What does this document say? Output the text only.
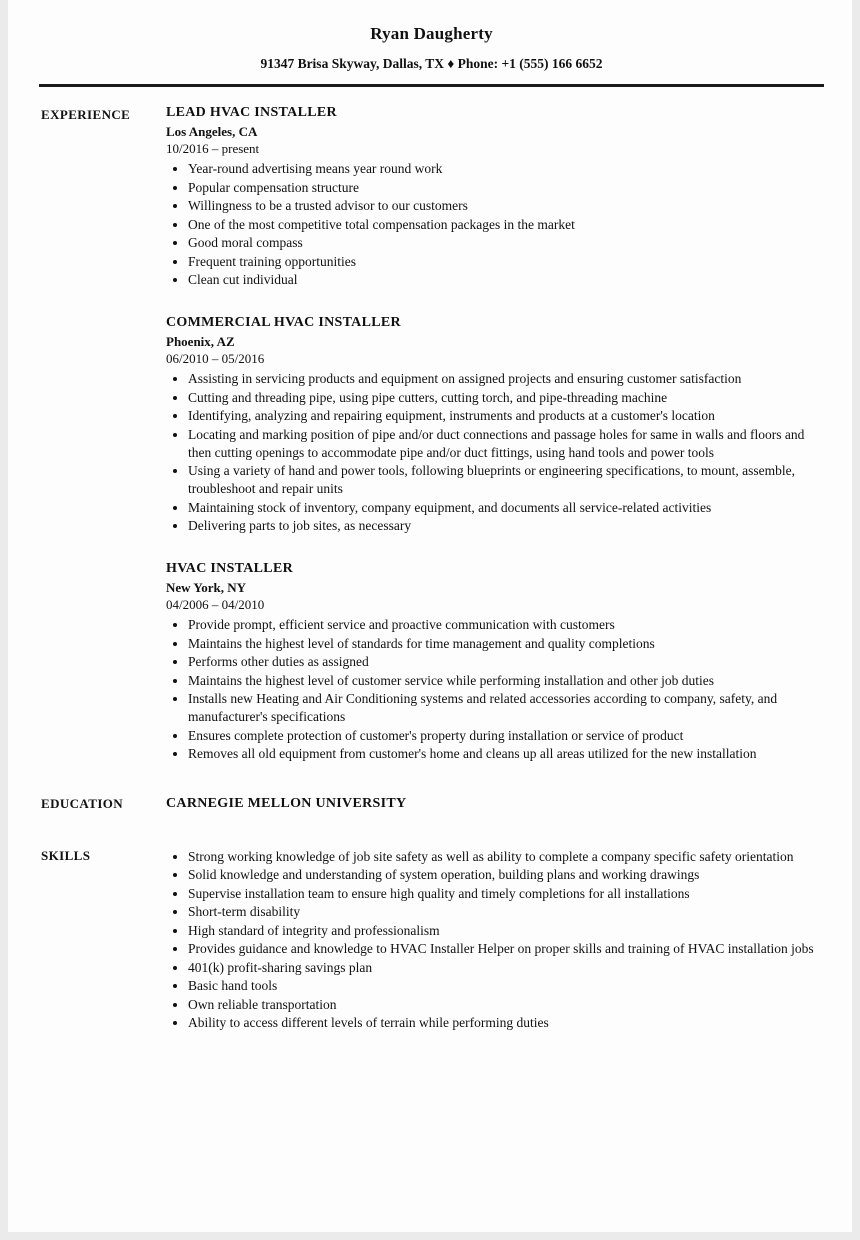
Ryan Daugherty
91347 Brisa Skyway, Dallas, TX ♦ Phone: +1 (555) 166 6652
EXPERIENCE	LEAD HVAC INSTALLER
Los Angeles, CA
10/2016 – present
• Year-round advertising means year round work
• Popular compensation structure
• Willingness to be a trusted advisor to our customers
• One of the most competitive total compensation packages in the market
• Good moral compass
• Frequent training opportunities
• Clean cut individual
COMMERCIAL HVAC INSTALLER
Phoenix, AZ
06/2010 – 05/2016
• Assisting in servicing products and equipment on assigned projects and ensuring customer satisfaction
• Cutting and threading pipe, using pipe cutters, cutting torch, and pipe-threading machine
• Identifying, analyzing and repairing equipment, instruments and products at a customer's location
• Locating and marking position of pipe and/or duct connections and passage holes for same in walls and floors and then cutting openings to accommodate pipe and/or duct fittings, using hand tools and power tools
• Using a variety of hand and power tools, following blueprints or engineering specifications, to mount, assemble, troubleshoot and repair units
• Maintaining stock of inventory, company equipment, and documents all service-related activities
• Delivering parts to job sites, as necessary
HVAC INSTALLER
New York, NY
04/2006 – 04/2010
• Provide prompt, efficient service and proactive communication with customers
• Maintains the highest level of standards for time management and quality completions
• Performs other duties as assigned
• Maintains the highest level of customer service while performing installation and other job duties
• Installs new Heating and Air Conditioning systems and related accessories according to company, safety, and manufacturer's specifications
• Ensures complete protection of customer's property during installation or service of product
• Removes all old equipment from customer's home and cleans up all areas utilized for the new installation
EDUCATION	CARNEGIE MELLON UNIVERSITY
SKILLS	• Strong working knowledge of job site safety as well as ability to complete a company specific safety orientation
• Solid knowledge and understanding of system operation, building plans and working drawings
• Supervise installation team to ensure high quality and timely completions for all installations
• Short-term disability
• High standard of integrity and professionalism
• Provides guidance and knowledge to HVAC Installer Helper on proper skills and training of HVAC installation jobs
• 401(k) profit-sharing savings plan
• Basic hand tools
• Own reliable transportation
• Ability to access different levels of terrain while performing duties
